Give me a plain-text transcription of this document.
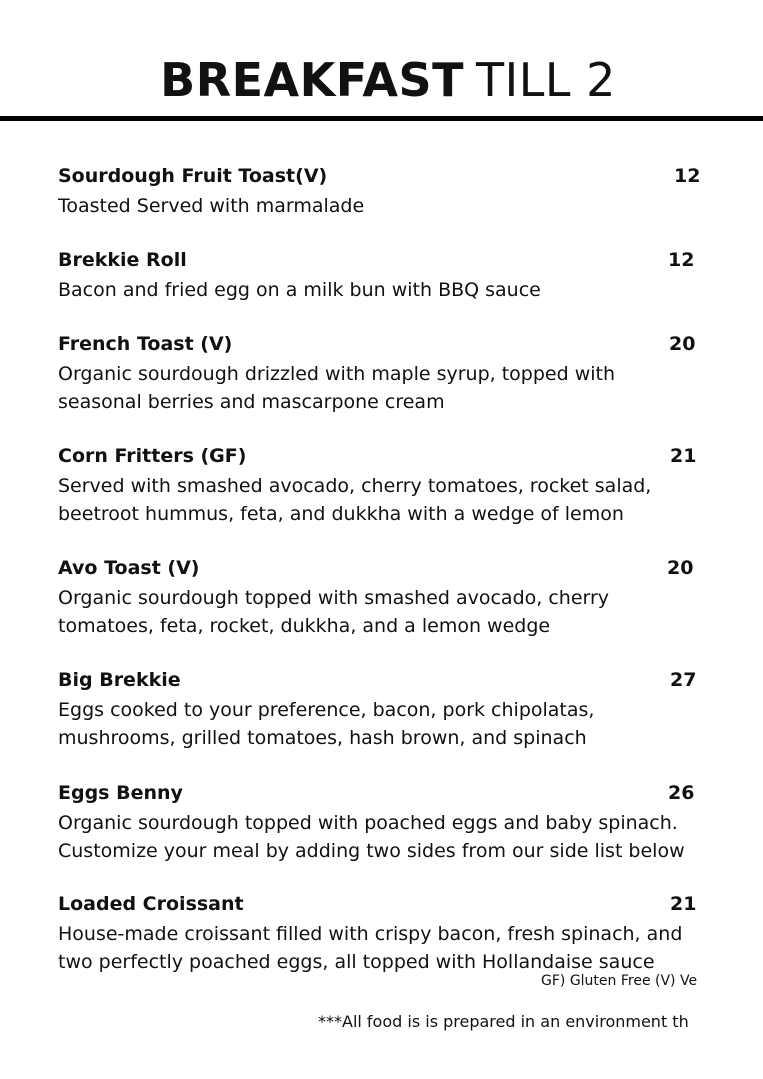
BREAKFAST TILL 2
Sourdough Fruit Toast(V)	12
Toasted Served with marmalade
Brekkie Roll	12
Bacon and fried egg on a milk bun with BBQ sauce
French Toast (V)	20
Organic sourdough drizzled with maple syrup, topped with
seasonal berries and mascarpone cream
Corn Fritters (GF)	21
Served with smashed avocado, cherry tomatoes, rocket salad,
beetroot hummus, feta, and dukkha with a wedge of lemon
Avo Toast (V)	20
Organic sourdough topped with smashed avocado, cherry
tomatoes, feta, rocket, dukkha, and a lemon wedge
Big Brekkie	27
Eggs cooked to your preference, bacon, pork chipolatas,
mushrooms, grilled tomatoes, hash brown, and spinach
Eggs Benny	26
Organic sourdough topped with poached eggs and baby spinach.
Customize your meal by adding two sides from our side list below
Loaded Croissant	21
House-made croissant filled with crispy bacon, fresh spinach, and
two perfectly poached eggs, all topped with Hollandaise sauce
GF) Gluten Free (V) Ve
***All food is is prepared in an environment th
